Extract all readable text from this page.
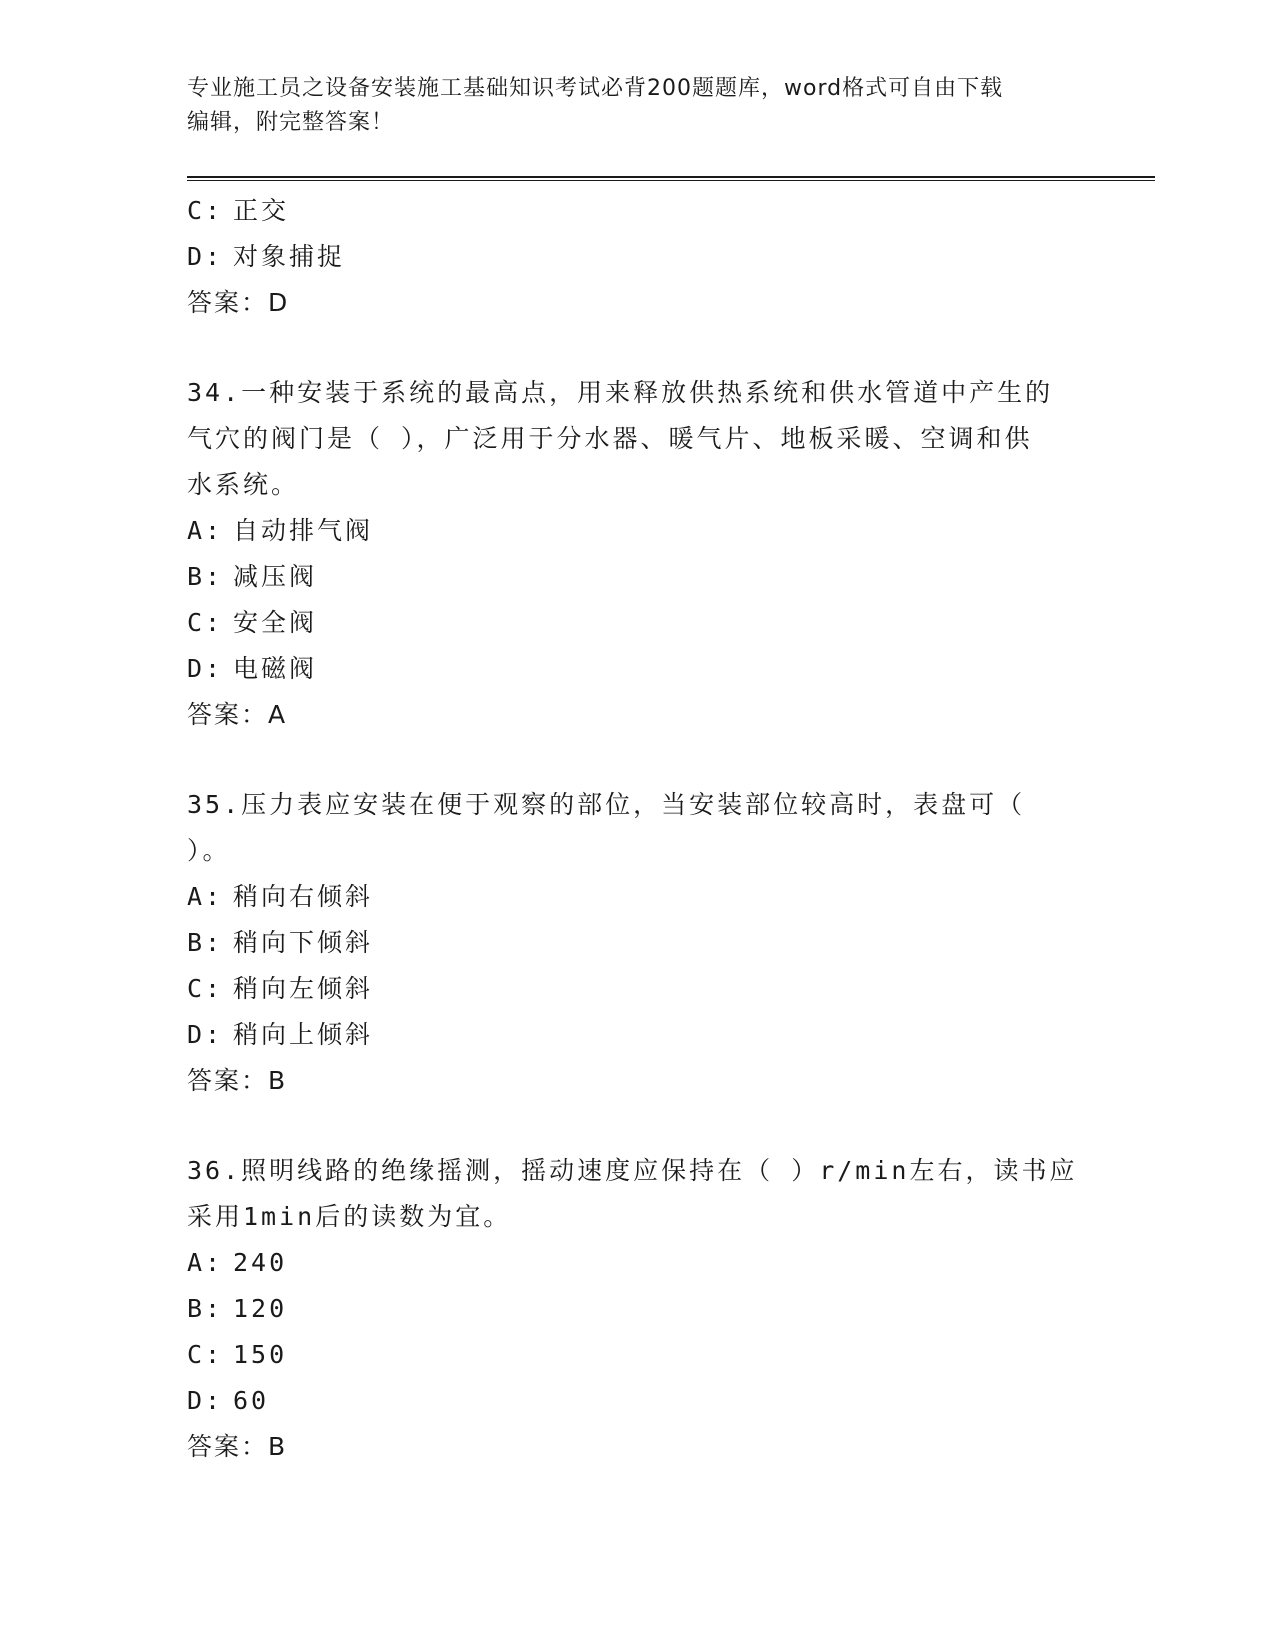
专业施工员之设备安装施工基础知识考试必背200题题库，word格式可自由下载
编辑，附完整答案！
C: 正交
D: 对象捕捉
答案：D
34.一种安装于系统的最高点，用来释放供热系统和供水管道中产生的
气穴的阀门是（ ），广泛用于分水器、暖气片、地板采暖、空调和供
水系统。
A: 自动排气阀
B: 减压阀
C: 安全阀
D: 电磁阀
答案：A
35.压力表应安装在便于观察的部位，当安装部位较高时，表盘可（
）。
A: 稍向右倾斜
B: 稍向下倾斜
C: 稍向左倾斜
D: 稍向上倾斜
答案：B
36.照明线路的绝缘摇测，摇动速度应保持在（ ）r/min左右，读书应
采用1min后的读数为宜。
A: 240
B: 120
C: 150
D: 60
答案：B
